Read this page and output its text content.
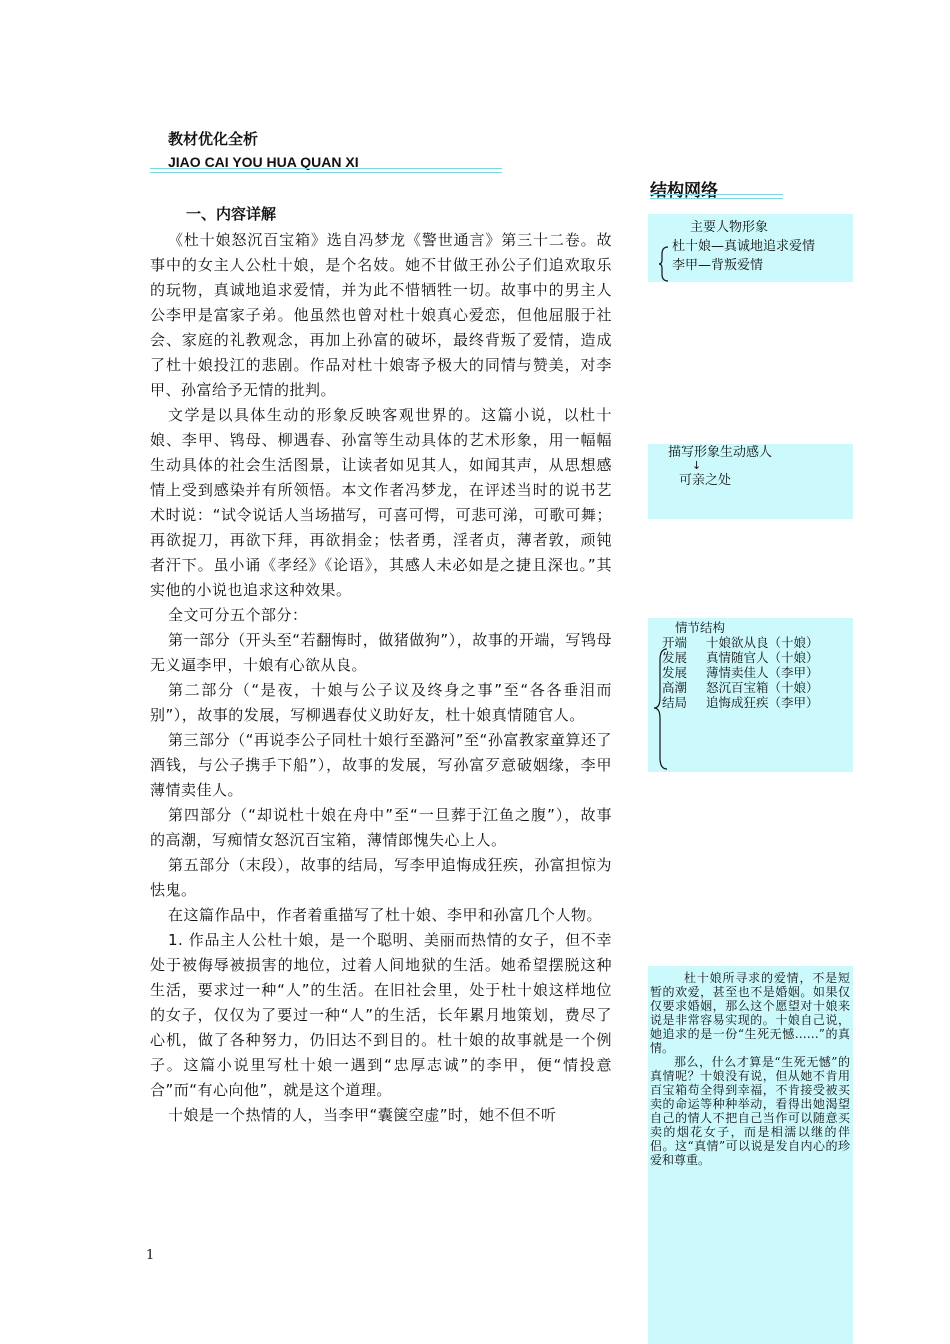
教材优化全析
JIAO CAI YOU HUA QUAN XI
结构网络
一、内容详解

《杜十娘怒沉百宝箱》选自冯梦龙《警世通言》第三十二卷。故事中的女主人公杜十娘，是个名妓。她不甘做王孙公子们追欢取乐的玩物，真诚地追求爱情，并为此不惜牺牲一切。故事中的男主人公李甲是富家子弟。他虽然也曾对杜十娘真心爱恋，但他屈服于社会、家庭的礼教观念，再加上孙富的破坏，最终背叛了爱情，造成了杜十娘投江的悲剧。作品对杜十娘寄予极大的同情与赞美，对李甲、孙富给予无情的批判。

文学是以具体生动的形象反映客观世界的。这篇小说，以杜十娘、李甲、鸨母、柳遇春、孙富等生动具体的艺术形象，用一幅幅生动具体的社会生活图景，让读者如见其人，如闻其声，从思想感情上受到感染并有所领悟。本文作者冯梦龙，在评述当时的说书艺术时说：“试令说话人当场描写，可喜可愕，可悲可涕，可歌可舞；再欲捉刀，再欲下拜，再欲捐金；怯者勇，淫者贞，薄者敦，顽钝者汗下。虽小诵《孝经》《论语》，其感人未必如是之捷且深也。”其实他的小说也追求这种效果。

全文可分五个部分：

第一部分（开头至“若翻悔时，做猪做狗”），故事的开端，写鸨母无义逼李甲，十娘有心欲从良。

第二部分（“是夜，十娘与公子议及终身之事”至“各各垂泪而别”），故事的发展，写柳遇春仗义助好友，杜十娘真情随官人。

第三部分（“再说李公子同杜十娘行至潞河”至“孙富教家童算还了酒钱，与公子携手下船”），故事的发展，写孙富歹意破姻缘，李甲薄情卖佳人。

第四部分（“却说杜十娘在舟中”至“一旦葬于江鱼之腹”），故事的高潮，写痴情女怒沉百宝箱，薄情郎愧失心上人。

第五部分（末段），故事的结局，写李甲追悔成狂疾，孙富担惊为怯鬼。

在这篇作品中，作者着重描写了杜十娘、李甲和孙富几个人物。

1. 作品主人公杜十娘，是一个聪明、美丽而热情的女子，但不幸处于被侮辱被损害的地位，过着人间地狱的生活。她希望摆脱这种生活，要求过一种“人”的生活。在旧社会里，处于杜十娘这样地位的女子，仅仅为了要过一种“人”的生活，长年累月地策划，费尽了心机，做了各种努力，仍旧达不到目的。杜十娘的故事就是一个例子。这篇小说里写杜十娘一遇到“忠厚志诚”的李甲，便“情投意合”而“有心向他”，就是这个道理。

十娘是一个热情的人，当李甲“囊箧空虚”时，她不但不听

主要人物形象
杜十娘—真诚地追求爱情
李甲—背叛爱情
描写形象生动感人
↓
可亲之处
情节结构
开端 十娘欲从良（十娘）
发展 真情随官人（十娘）
发展 薄情卖佳人（李甲）
高潮 怒沉百宝箱（十娘）
结局 追悔成狂疾（李甲）
杜十娘所寻求的爱情，不是短暂的欢爱，甚至也不是婚姻。如果仅仅要求婚姻，那么这个愿望对十娘来说是非常容易实现的。十娘自己说，她追求的是一份“生死无憾……”的真情。
那么，什么才算是“生死无憾”的真情呢？十娘没有说，但从她不肯用百宝箱苟全得到幸福，不肯接受被买卖的命运等种种举动，看得出她渴望自己的情人不把自己当作可以随意买卖的烟花女子，而是相濡以继的伴侣。这“真情”可以说是发自内心的珍爱和尊重。
1
